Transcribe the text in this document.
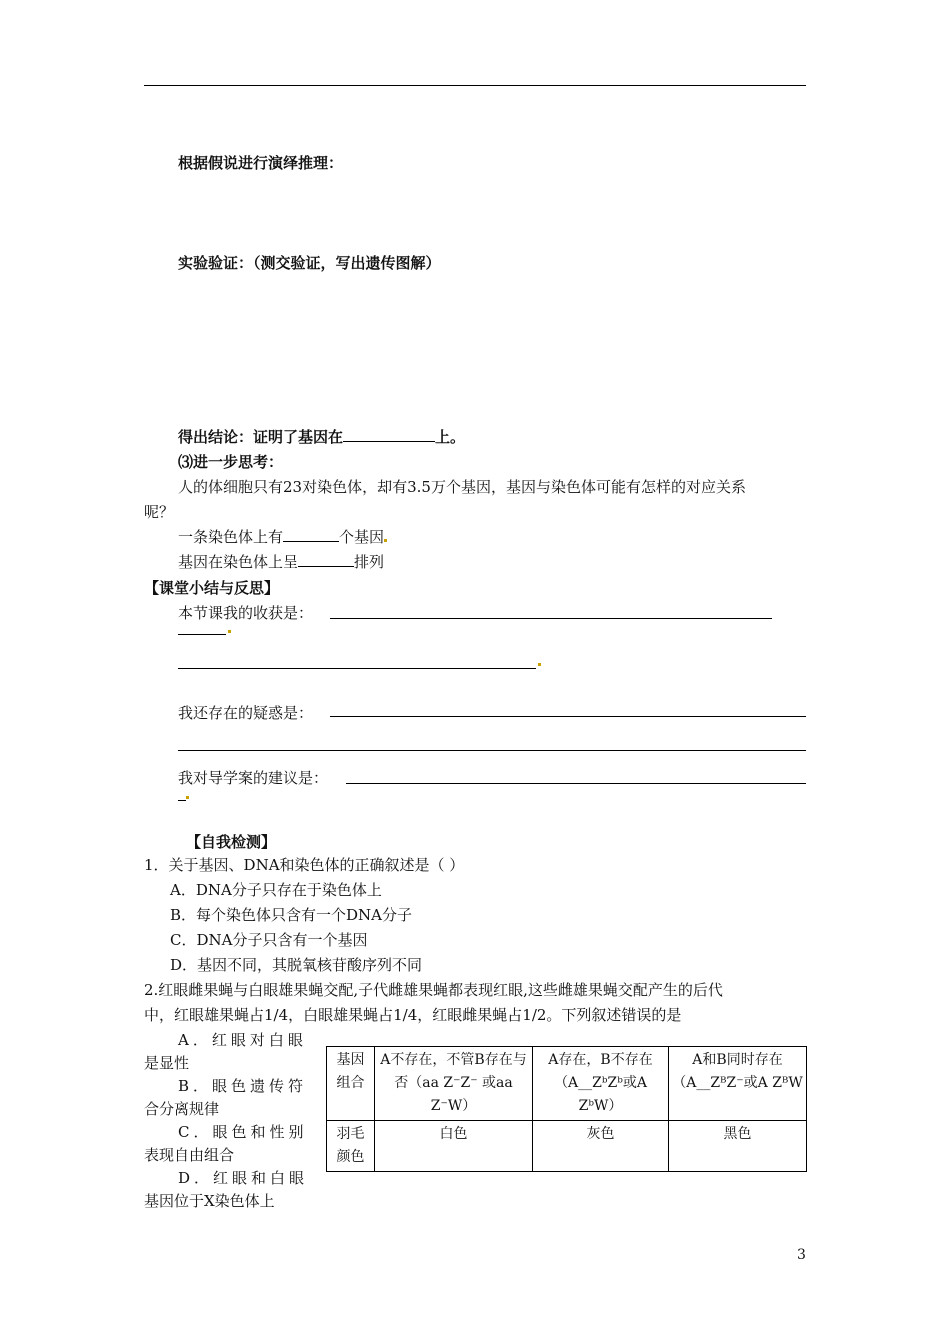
根据假说进行演绎推理：
实验验证：（测交验证，写出遗传图解）
得出结论：证明了基因在	上。
⑶进一步思考：
人的体细胞只有23对染色体，却有3.5万个基因，基因与染色体可能有怎样的对应关系
呢？
一条染色体上有	个基因
基因在染色体上呈	排列
【课堂小结与反思】
本节课我的收获是：
我还存在的疑惑是：
我对导学案的建议是：
【自我检测】
1．关于基因、DNA和染色体的正确叙述是（ ）
A．DNA分子只存在于染色体上
B．每个染色体只含有一个DNA分子
C．DNA分子只含有一个基因
D．基因不同，其脱氧核苷酸序列不同
2.红眼雌果蝇与白眼雄果蝇交配,子代雌雄果蝇都表现红眼,这些雌雄果蝇交配产生的后代
中，红眼雄果蝇占1/4，白眼雄果蝇占1/4，红眼雌果蝇占1/2。下列叙述错误的是
A．红眼对白眼
是显性
B．眼色遗传符
合分离规律
C．眼色和性别
表现自由组合
D．红眼和白眼
基因位于X染色体上
基因组合	A不存在，不管B存在与否（aa Z⁻Z⁻ 或aa Z⁻W）	A存在，B不存在（A__ZᵇZᵇ或A ZᵇW）	A和B同时存在（A__ZᴮZ⁻或A ZᴮW
羽毛颜色	白色	灰色	黑色
3
